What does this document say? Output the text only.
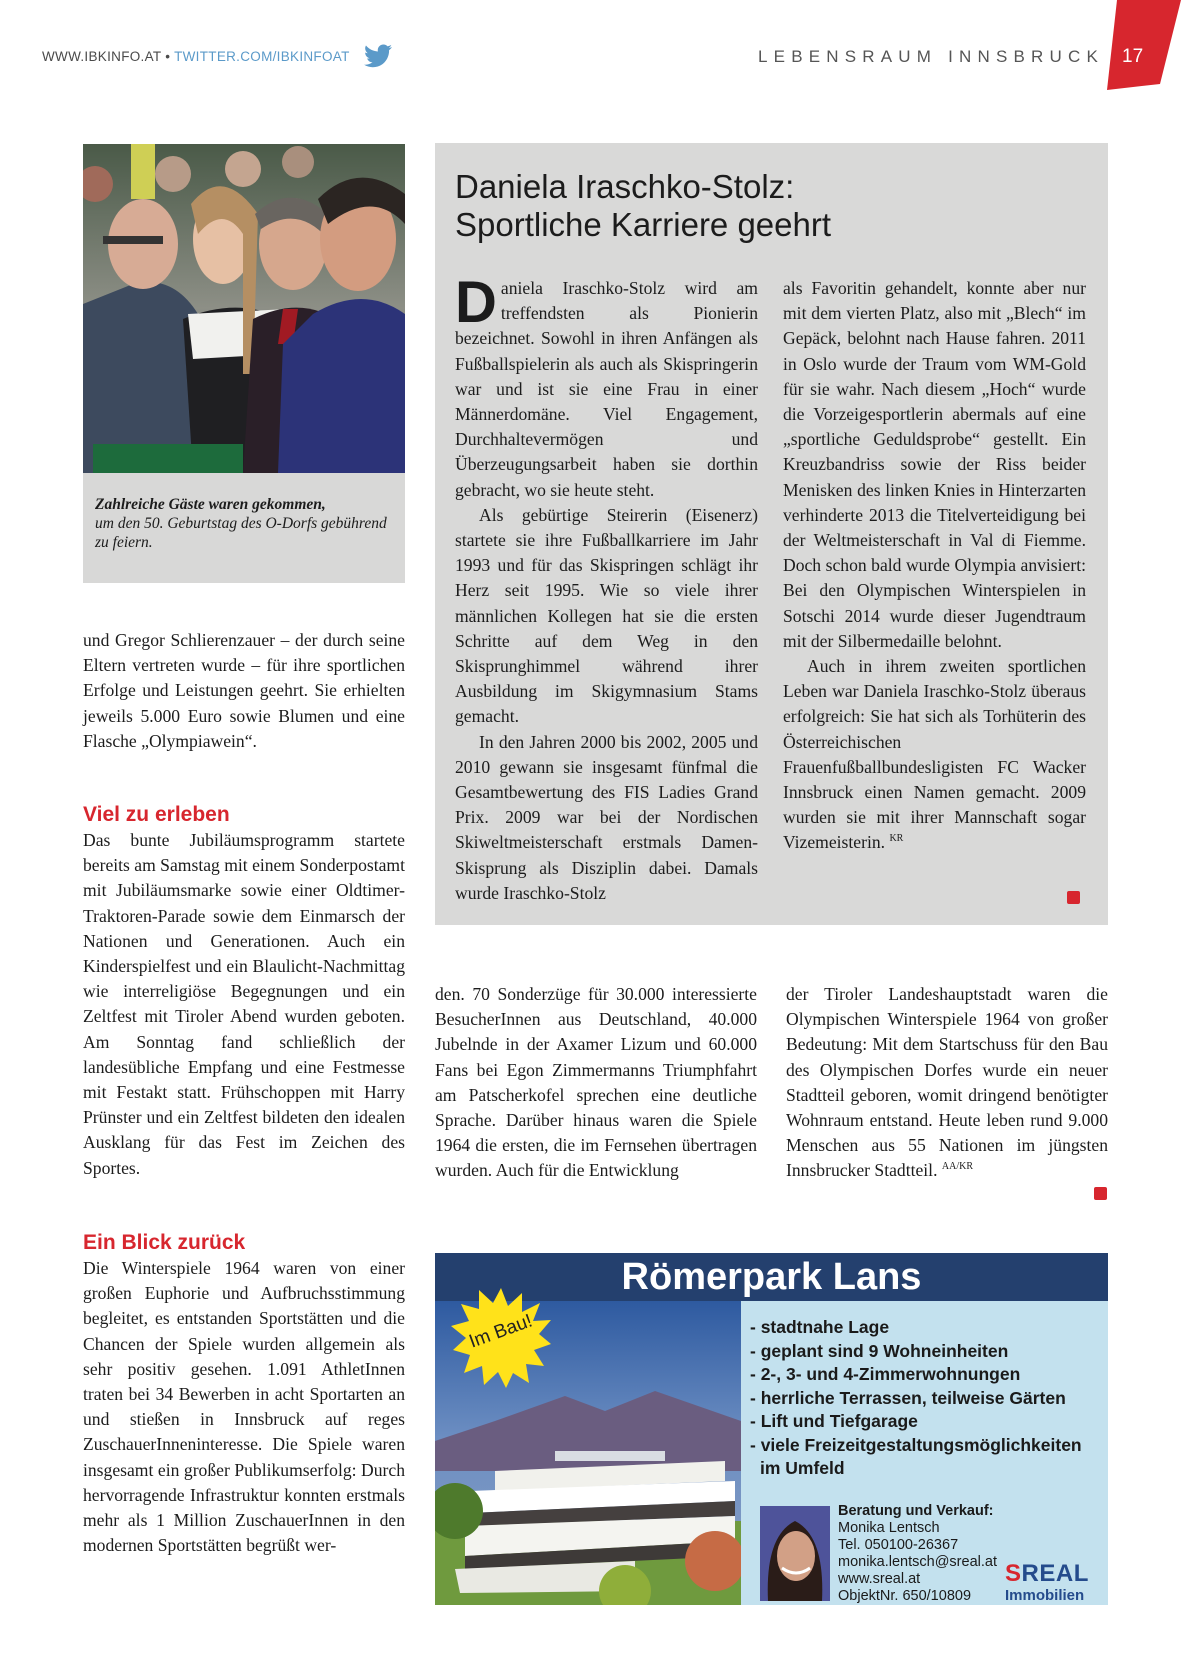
WWW.IBKINFO.AT • TWITTER.COM/IBKINFOAT	LEBENSRAUM INNSBRUCK 17
Zahlreiche Gäste waren gekommen,
um den 50. Geburtstag des O-Dorfs gebührend zu feiern.

und Gregor Schlierenzauer – der durch seine Eltern vertreten wurde – für ihre sportlichen Erfolge und Leistungen geehrt. Sie erhielten jeweils 5.000 Euro sowie Blumen und eine Flasche „Olympiawein“.

Viel zu erleben

Das bunte Jubiläumsprogramm startete bereits am Samstag mit einem Sonderpostamt mit Jubiläumsmarke sowie einer Oldtimer-Traktoren-Parade sowie dem Einmarsch der Nationen und Generationen. Auch ein Kinderspielfest und ein Blaulicht-Nachmittag wie interreligiöse Begegnungen und ein Zeltfest mit Tiroler Abend wurden geboten. Am Sonntag fand schließlich der landesübliche Empfang und eine Festmesse mit Festakt statt. Frühschoppen mit Harry Prünster und ein Zeltfest bildeten den idealen Ausklang für das Fest im Zeichen des Sportes.

Ein Blick zurück

Die Winterspiele 1964 waren von einer großen Euphorie und Aufbruchsstimmung begleitet, es entstanden Sportstätten und die Chancen der Spiele wurden allgemein als sehr positiv gesehen. 1.091 AthletInnen traten bei 34 Bewerben in acht Sportarten an und stießen in Innsbruck auf reges ZuschauerInneninteresse. Die Spiele waren insgesamt ein großer Publikumserfolg: Durch hervorragende Infrastruktur konnten erstmals mehr als 1 Million ZuschauerInnen in den modernen Sportstätten begrüßt wer-

Daniela Iraschko-Stolz:
Sportliche Karriere geehrt

Daniela Iraschko-Stolz wird am treffendsten als Pionierin bezeichnet. Sowohl in ihren Anfängen als Fußballspielerin als auch als Skispringerin war und ist sie eine Frau in einer Männerdomäne. Viel Engagement, Durchhaltevermögen und Überzeugungsarbeit haben sie dorthin gebracht, wo sie heute steht.

Als gebürtige Steirerin (Eisenerz) startete sie ihre Fußballkarriere im Jahr 1993 und für das Skispringen schlägt ihr Herz seit 1995. Wie so viele ihrer männlichen Kollegen hat sie die ersten Schritte auf dem Weg in den Skisprunghimmel während ihrer Ausbildung im Skigymnasium Stams gemacht.

In den Jahren 2000 bis 2002, 2005 und 2010 gewann sie insgesamt fünfmal die Gesamtbewertung des FIS Ladies Grand Prix. 2009 war bei der Nordischen Skiweltmeisterschaft erstmals Damen-Skisprung als Disziplin dabei. Damals wurde Iraschko-Stolz

als Favoritin gehandelt, konnte aber nur mit dem vierten Platz, also mit „Blech“ im Gepäck, belohnt nach Hause fahren. 2011 in Oslo wurde der Traum vom WM-Gold für sie wahr. Nach diesem „Hoch“ wurde die Vorzeigesportlerin abermals auf eine „sportliche Geduldsprobe“ gestellt. Ein Kreuzbandriss sowie der Riss beider Menisken des linken Knies in Hinterzarten verhinderte 2013 die Titelverteidigung bei der Weltmeisterschaft in Val di Fiemme. Doch schon bald wurde Olympia anvisiert: Bei den Olympischen Winterspielen in Sotschi 2014 wurde dieser Jugendtraum mit der Silbermedaille belohnt.

Auch in ihrem zweiten sportlichen Leben war Daniela Iraschko-Stolz überaus erfolgreich: Sie hat sich als Torhüterin des Österreichischen Frauenfußballbundesligisten FC Wacker Innsbruck einen Namen gemacht. 2009 wurden sie mit ihrer Mannschaft sogar Vizemeisterin. $^{KR}$

den. 70 Sonderzüge für 30.000 interessierte BesucherInnen aus Deutschland, 40.000 Jubelnde in der Axamer Lizum und 60.000 Fans bei Egon Zimmermanns Triumphfahrt am Patscherkofel sprechen eine deutliche Sprache. Darüber hinaus waren die Spiele 1964 die ersten, die im Fernsehen übertragen wurden. Auch für die Entwicklung

der Tiroler Landeshauptstadt waren die Olympischen Winterspiele 1964 von großer Bedeutung: Mit dem Startschuss für den Bau des Olympischen Dorfes wurde ein neuer Stadtteil geboren, womit dringend benötigter Wohnraum entstand. Heute leben rund 9.000 Menschen aus 55 Nationen im jüngsten Innsbrucker Stadtteil. $^{AA/KR}$

Römerpark Lans
Im Bau!	- stadtnahe Lage
- geplant sind 9 Wohneinheiten
- 2-, 3- und 4-Zimmerwohnungen
- herrliche Terrassen, teilweise Gärten
- Lift und Tiefgarage
- viele Freizeitgestaltungsmöglichkeiten
im Umfeld
Beratung und Verkauf:
Monika Lentsch
Tel. 050100-26367
monika.lentsch@sreal.at
www.sreal.at
ObjektNr. 650/10809
SREAL
Immobilien
